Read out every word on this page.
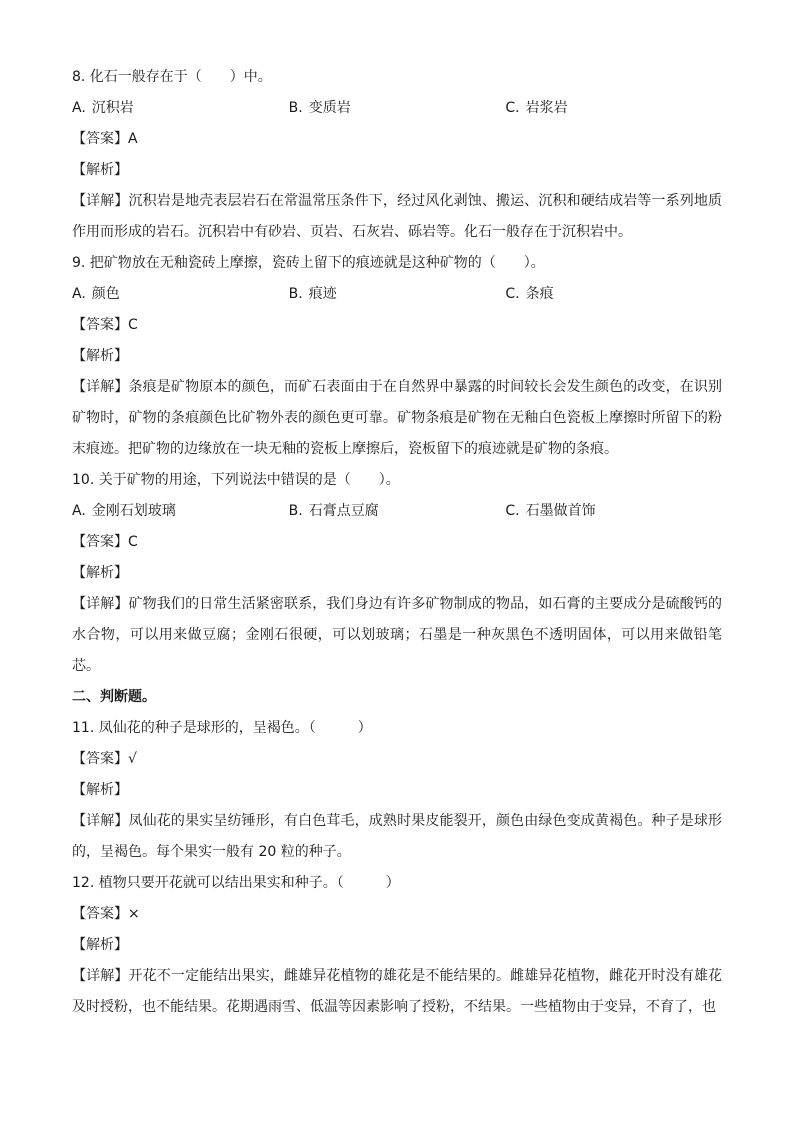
8. 化石一般存在于（　　）中。
A. 沉积岩	B. 变质岩	C. 岩浆岩
【答案】A
【解析】
【详解】沉积岩是地壳表层岩石在常温常压条件下，经过风化剥蚀、搬运、沉积和硬结成岩等一系列地质作用而形成的岩石。沉积岩中有砂岩、页岩、石灰岩、砾岩等。化石一般存在于沉积岩中。
9. 把矿物放在无釉瓷砖上摩擦，瓷砖上留下的痕迹就是这种矿物的（　　）。
A. 颜色	B. 痕迹	C. 条痕
【答案】C
【解析】
【详解】条痕是矿物原本的颜色，而矿石表面由于在自然界中暴露的时间较长会发生颜色的改变，在识别矿物时，矿物的条痕颜色比矿物外表的颜色更可靠。矿物条痕是矿物在无釉白色瓷板上摩擦时所留下的粉末痕迹。把矿物的边缘放在一块无釉的瓷板上摩擦后，瓷板留下的痕迹就是矿物的条痕。
10. 关于矿物的用途，下列说法中错误的是（　　）。
A. 金刚石划玻璃	B. 石膏点豆腐	C. 石墨做首饰
【答案】C
【解析】
【详解】矿物我们的日常生活紧密联系，我们身边有许多矿物制成的物品，如石膏的主要成分是硫酸钙的水合物，可以用来做豆腐；金刚石很硬，可以划玻璃；石墨是一种灰黑色不透明固体，可以用来做铅笔芯。
二、判断题。
11. 凤仙花的种子是球形的，呈褐色。（　　　）
【答案】√
【解析】
【详解】凤仙花的果实呈纺锤形，有白色茸毛，成熟时果皮能裂开，颜色由绿色变成黄褐色。种子是球形的，呈褐色。每个果实一般有 20 粒的种子。
12. 植物只要开花就可以结出果实和种子。（　　　）
【答案】×
【解析】
【详解】开花不一定能结出果实，雌雄异花植物的雄花是不能结果的。雌雄异花植物，雌花开时没有雄花及时授粉，也不能结果。花期遇雨雪、低温等因素影响了授粉，不结果。一些植物由于变异，不育了，也
